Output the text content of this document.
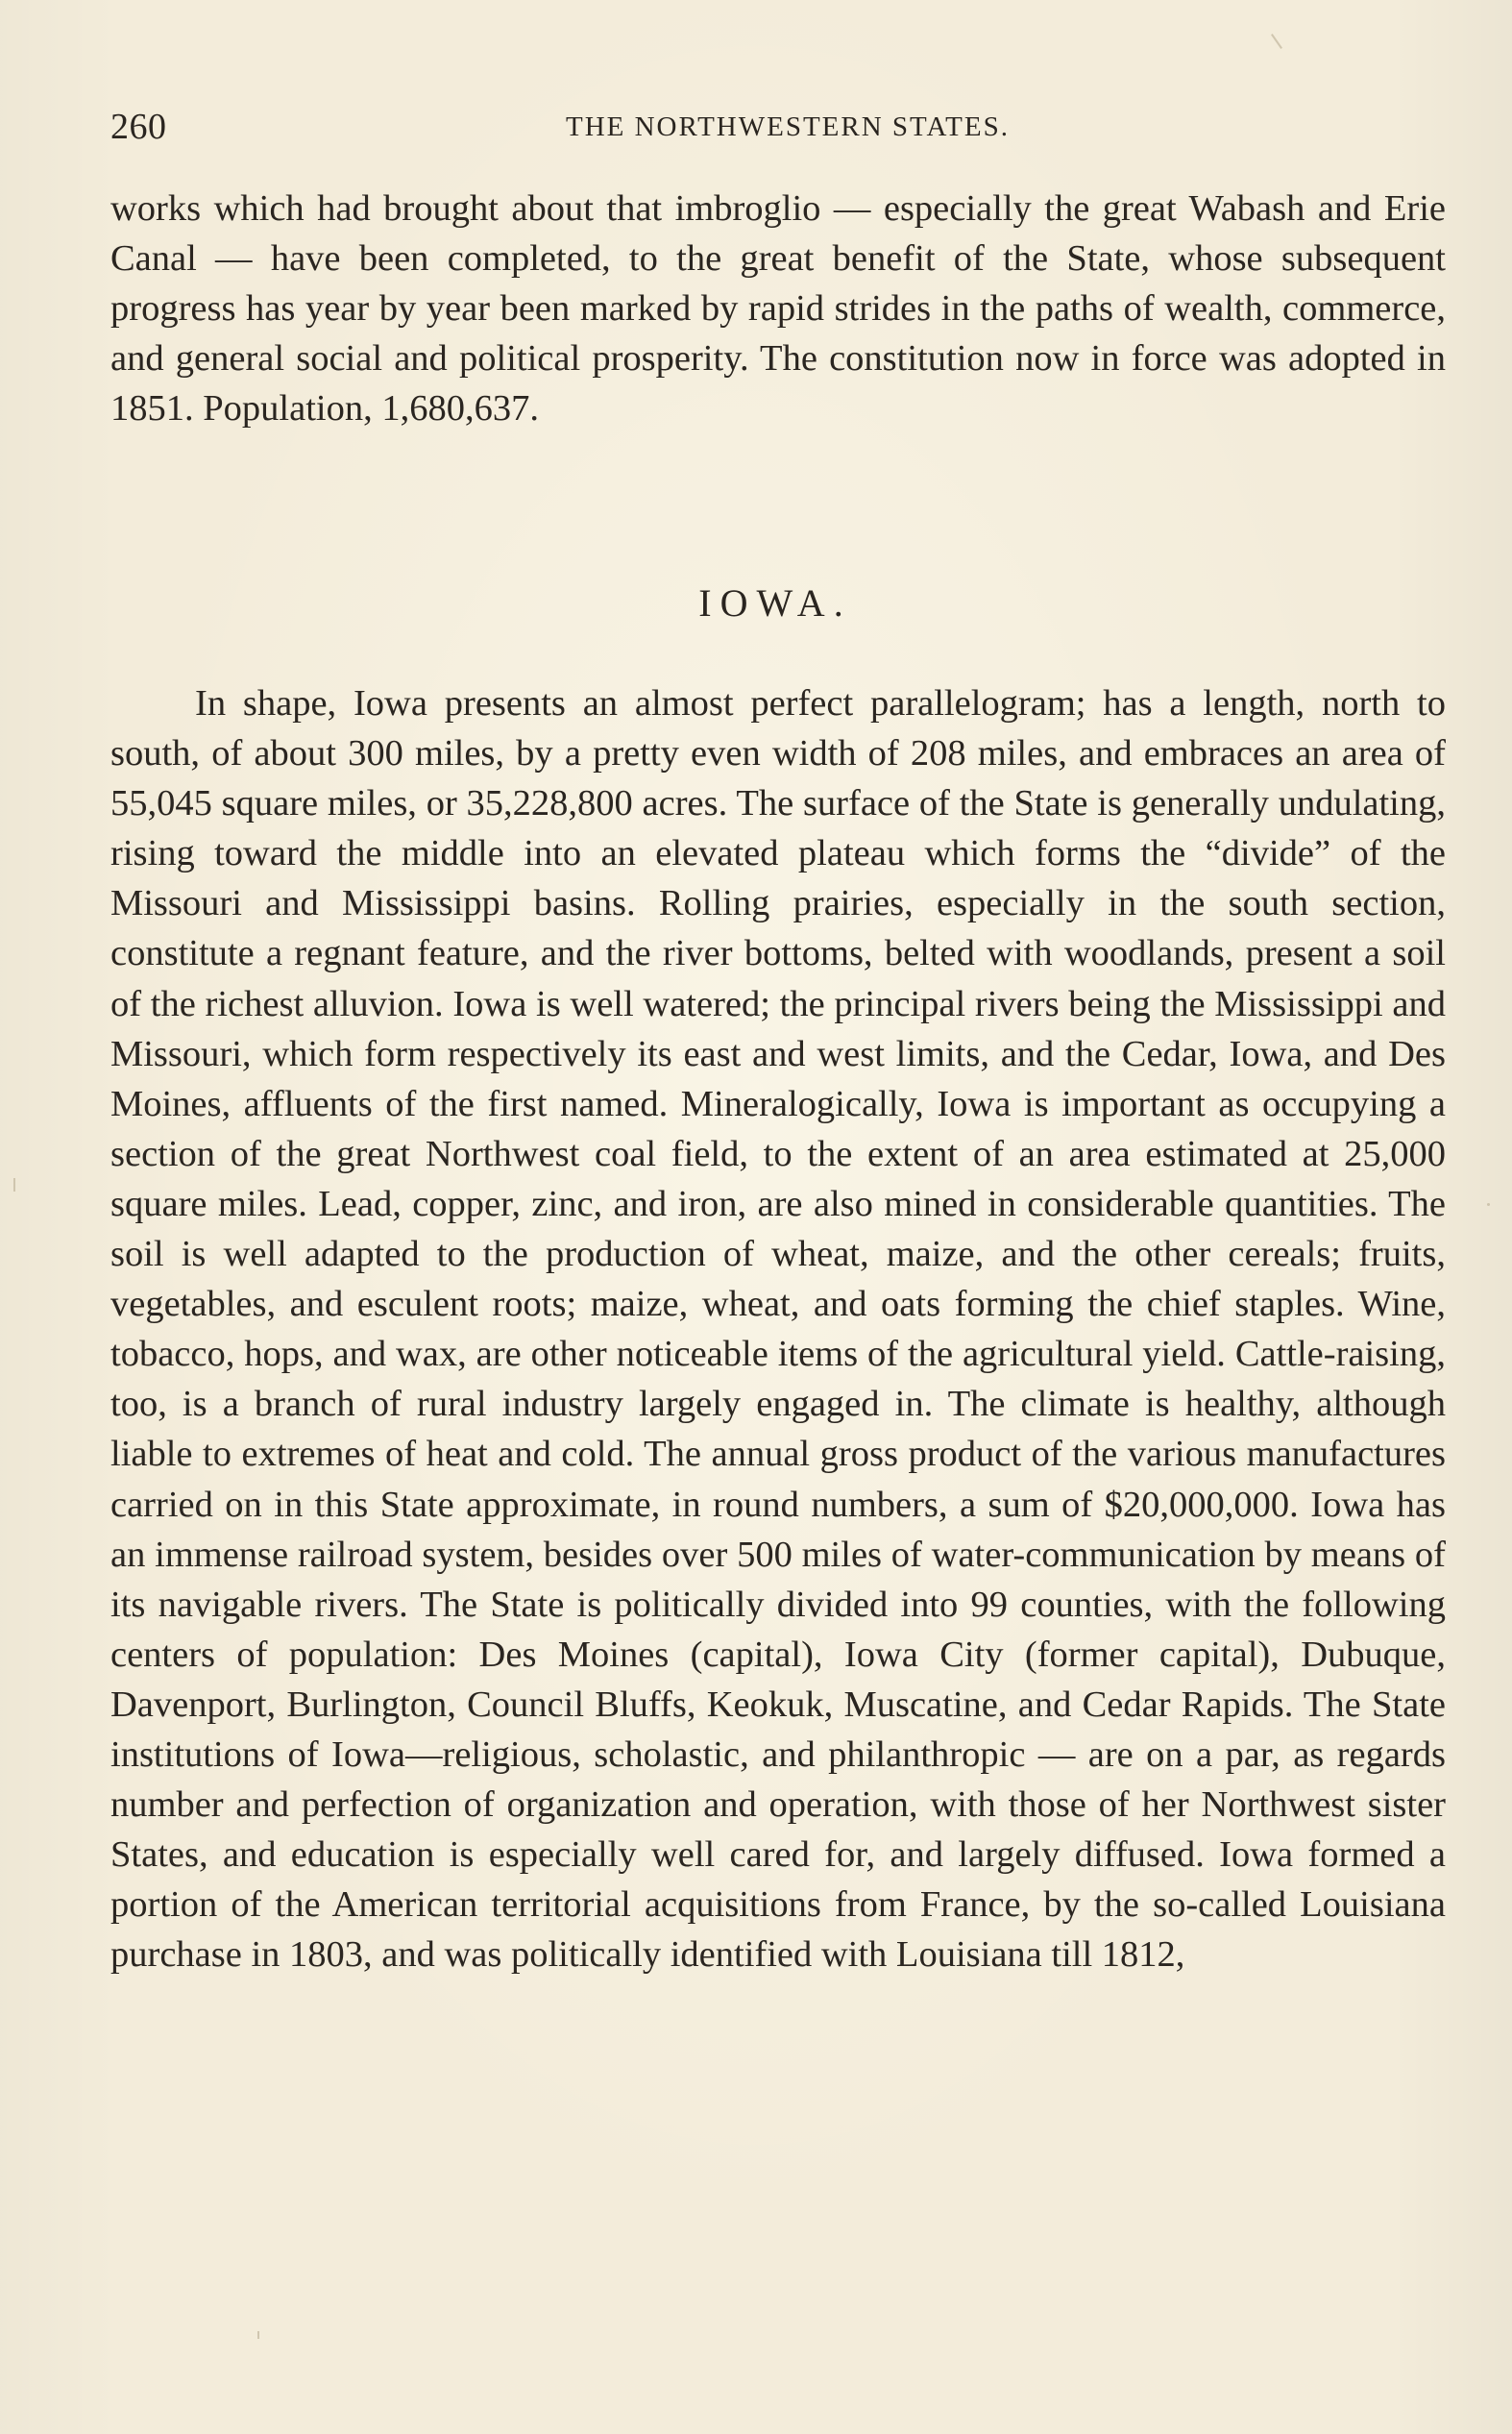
260	THE NORTHWESTERN STATES.

works which had brought about that imbroglio — especially the great Wabash and Erie Canal — have been completed, to the great benefit of the State, whose subsequent progress has year by year been marked by rapid strides in the paths of wealth, commerce, and general social and political prosperity. The constitution now in force was adopted in 1851. Population, 1,680,637.

IOWA.

In shape, Iowa presents an almost perfect parallelogram; has a length, north to south, of about 300 miles, by a pretty even width of 208 miles, and embraces an area of 55,045 square miles, or 35,228,800 acres. The surface of the State is generally undulating, rising toward the middle into an elevated plateau which forms the “divide” of the Missouri and Mississippi basins. Rolling prairies, especially in the south section, constitute a regnant feature, and the river bottoms, belted with woodlands, present a soil of the richest alluvion. Iowa is well watered; the principal rivers being the Mississippi and Missouri, which form respectively its east and west limits, and the Cedar, Iowa, and Des Moines, affluents of the first named. Mineralogically, Iowa is important as occupying a section of the great Northwest coal field, to the extent of an area estimated at 25,000 square miles. Lead, copper, zinc, and iron, are also mined in considerable quantities. The soil is well adapted to the production of wheat, maize, and the other cereals; fruits, vegetables, and esculent roots; maize, wheat, and oats forming the chief staples. Wine, tobacco, hops, and wax, are other noticeable items of the agricultural yield. Cattle-raising, too, is a branch of rural industry largely engaged in. The climate is healthy, although liable to extremes of heat and cold. The annual gross product of the various manufactures carried on in this State approximate, in round numbers, a sum of $20,000,000. Iowa has an immense railroad system, besides over 500 miles of water-communication by means of its navigable rivers. The State is politically divided into 99 counties, with the following centers of population: Des Moines (capital), Iowa City (former capital), Dubuque, Davenport, Burlington, Council Bluffs, Keokuk, Muscatine, and Cedar Rapids. The State institutions of Iowa—religious, scholastic, and philanthropic — are on a par, as regards number and perfection of organization and operation, with those of her Northwest sister States, and education is especially well cared for, and largely diffused. Iowa formed a portion of the American territorial acquisitions from France, by the so-called Louisiana purchase in 1803, and was politically identified with Louisiana till 1812,
